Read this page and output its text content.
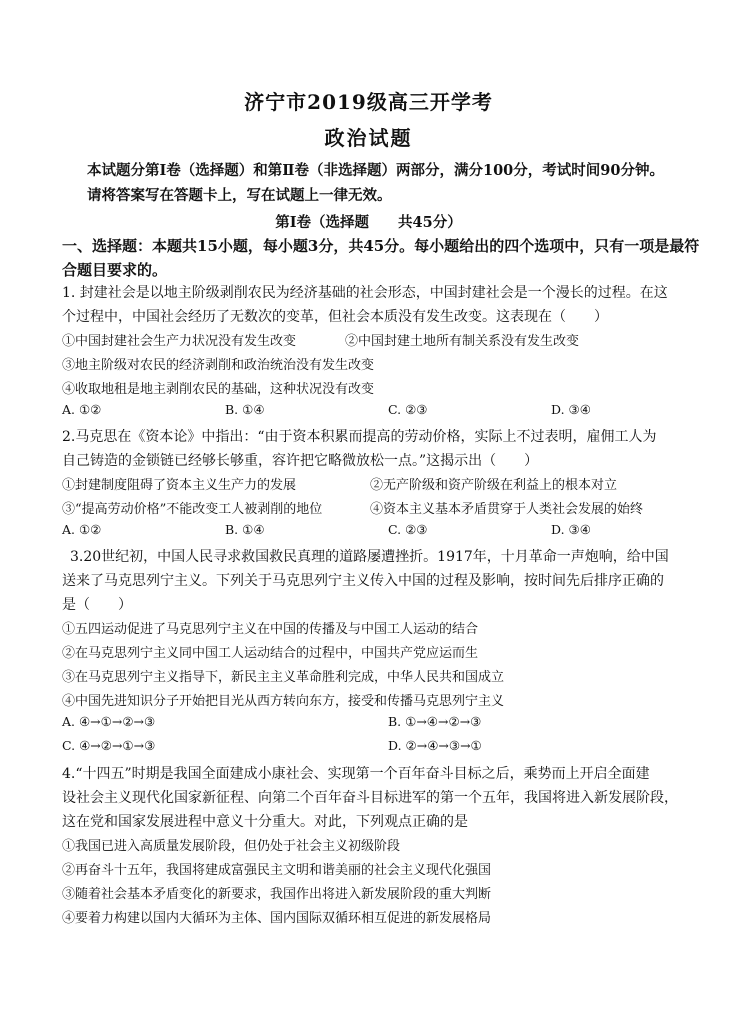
济宁市2019级高三开学考
政治试题
本试题分第Ⅰ卷（选择题）和第Ⅱ卷（非选择题）两部分，满分100分，考试时间90分钟。
请将答案写在答题卡上，写在试题上一律无效。
第Ⅰ卷（选择题　　共45分）
一、选择题：本题共15小题，每小题3分，共45分。每小题给出的四个选项中，只有一项是最符
合题目要求的。
1. 封建社会是以地主阶级剥削农民为经济基础的社会形态，中国封建社会是一个漫长的过程。在这
个过程中，中国社会经历了无数次的变革，但社会本质没有发生改变。这表现在（　　）
①中国封建社会生产力状况没有发生改变	②中国封建土地所有制关系没有发生改变
③地主阶级对农民的经济剥削和政治统治没有发生改变
④收取地租是地主剥削农民的基础，这种状况没有改变
A. ①②	B. ①④	C. ②③	D. ③④
2.马克思在《资本论》中指出：“由于资本积累而提高的劳动价格，实际上不过表明，雇佣工人为
自己铸造的金锁链已经够长够重，容许把它略微放松一点。”这揭示出（　　）
①封建制度阻碍了资本主义生产力的发展	②无产阶级和资产阶级在利益上的根本对立
③“提高劳动价格”不能改变工人被剥削的地位	④资本主义基本矛盾贯穿于人类社会发展的始终
A. ①②	B. ①④	C. ②③	D. ③④
3.20世纪初，中国人民寻求救国救民真理的道路屡遭挫折。1917年，十月革命一声炮响，给中国
送来了马克思列宁主义。下列关于马克思列宁主义传入中国的过程及影响，按时间先后排序正确的
是（　　）
①五四运动促进了马克思列宁主义在中国的传播及与中国工人运动的结合
②在马克思列宁主义同中国工人运动结合的过程中，中国共产党应运而生
③在马克思列宁主义指导下，新民主主义革命胜利完成，中华人民共和国成立
④中国先进知识分子开始把目光从西方转向东方，接受和传播马克思列宁主义
A. ④→①→②→③	B. ①→④→②→③
C. ④→②→①→③	D. ②→④→③→①
4.“十四五”时期是我国全面建成小康社会、实现第一个百年奋斗目标之后，乘势而上开启全面建
设社会主义现代化国家新征程、向第二个百年奋斗目标进军的第一个五年，我国将进入新发展阶段，
这在党和国家发展进程中意义十分重大。对此，下列观点正确的是
①我国已进入高质量发展阶段，但仍处于社会主义初级阶段
②再奋斗十五年，我国将建成富强民主文明和谐美丽的社会主义现代化强国
③随着社会基本矛盾变化的新要求，我国作出将进入新发展阶段的重大判断
④要着力构建以国内大循环为主体、国内国际双循环相互促进的新发展格局
